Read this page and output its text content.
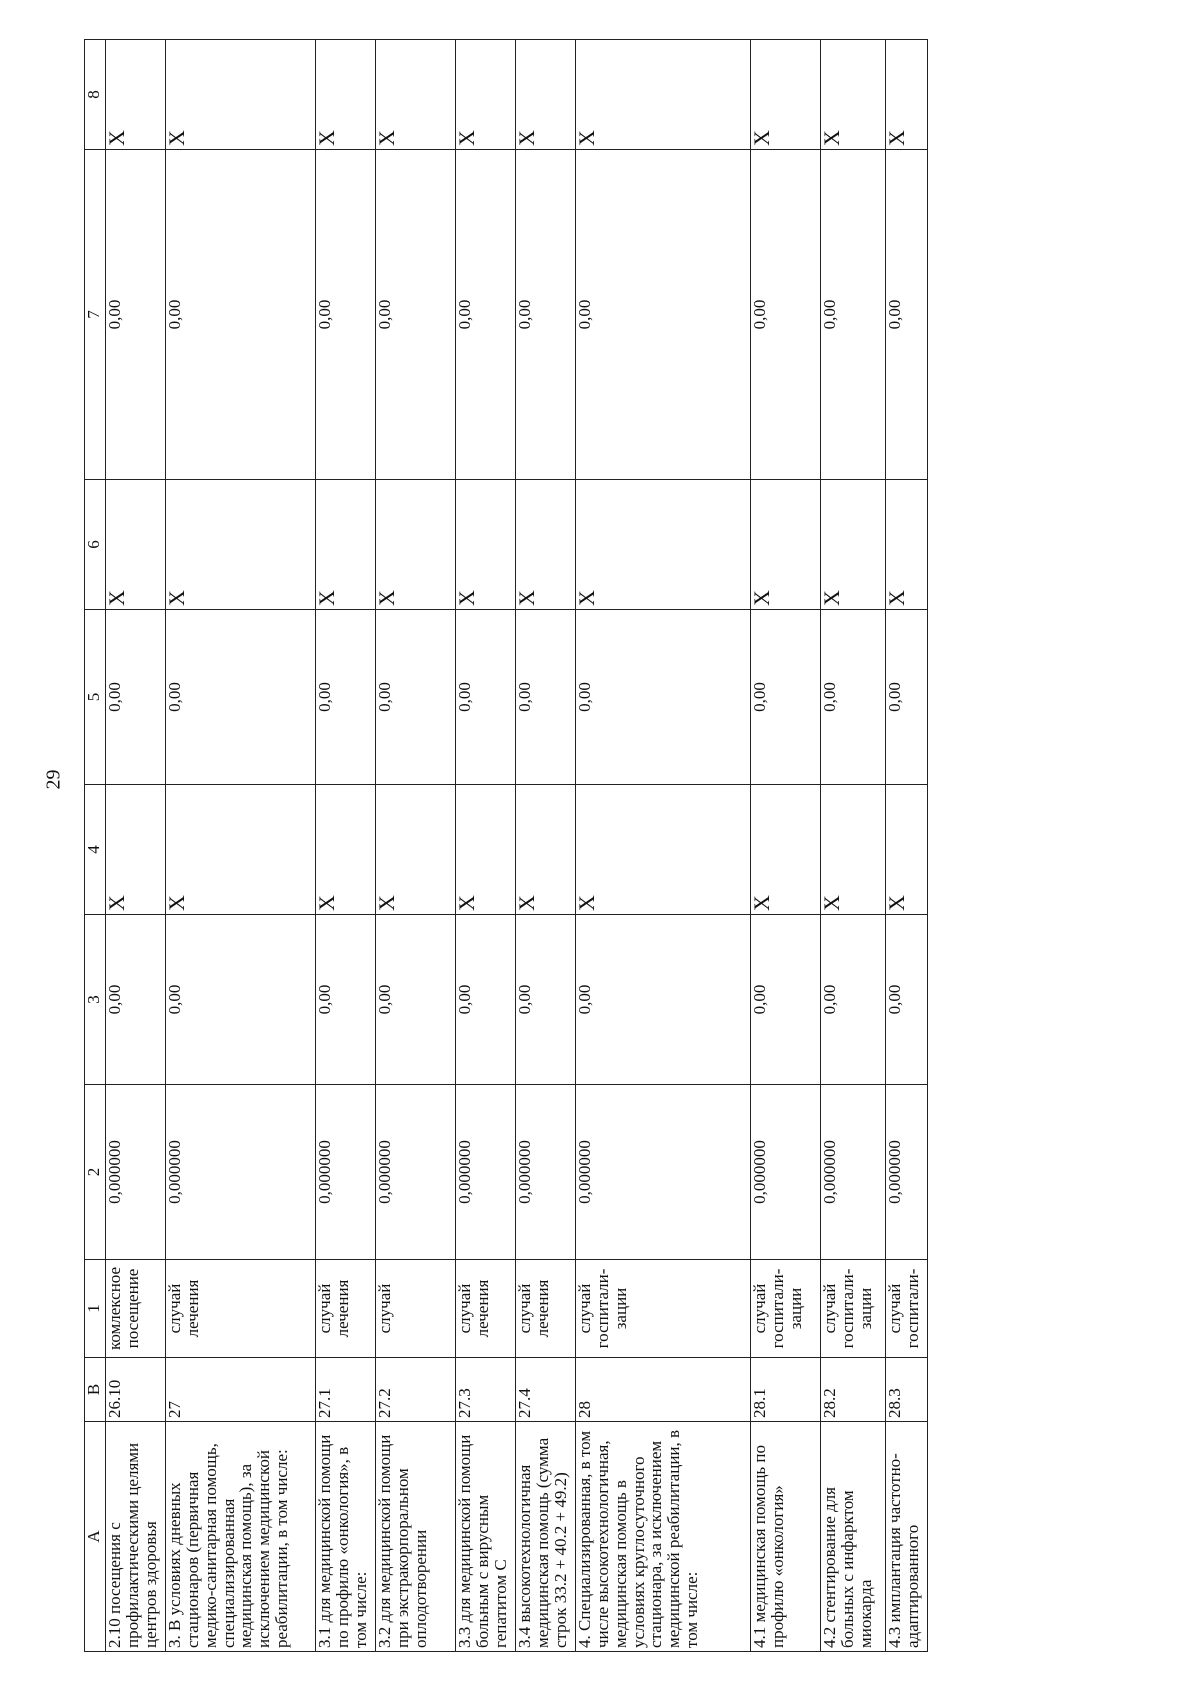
29
A	B	1	2	3	4	5	6	7	8
2.10 посещения с профилактическими целями центров здоровья	26.10	комлексное посещение	0,000000	0,00	X	0,00	X	0,00	X
3. В условиях дневных стационаров (первичная медико-санитарная помощь, специализированная медицинская помощь), за исключением медицинской реабилитации, в том числе:	27	случай лечения	0,000000	0,00	X	0,00	X	0,00	X
3.1 для медицинской помощи по профилю «онкология», в том числе:	27.1	случай лечения	0,000000	0,00	X	0,00	X	0,00	X
3.2 для медицинской помощи при экстракорпоральном оплодотворении	27.2	случай	0,000000	0,00	X	0,00	X	0,00	X
3.3 для медицинской помощи больным с вирусным гепатитом С	27.3	случай лечения	0,000000	0,00	X	0,00	X	0,00	X
3.4 высокотехнологичная медицинская помощь (сумма строк 33.2 + 40.2 + 49.2)	27.4	случай лечения	0,000000	0,00	X	0,00	X	0,00	X
4. Специализированная, в том числе высокотехнологичная, медицинская помощь в условиях круглосуточного стационара, за исключением медицинской реабилитации, в том числе:	28	случай госпитали-зации	0,000000	0,00	X	0,00	X	0,00	X
4.1 медицинская помощь по профилю «онкология»	28.1	случай госпитали-зации	0,000000	0,00	X	0,00	X	0,00	X
4.2 стентирование для больных с инфарктом миокарда	28.2	случай госпитали-зации	0,000000	0,00	X	0,00	X	0,00	X
4.3 имплантация частотно-адаптированного	28.3	случай госпитали-	0,000000	0,00	X	0,00	X	0,00	X
